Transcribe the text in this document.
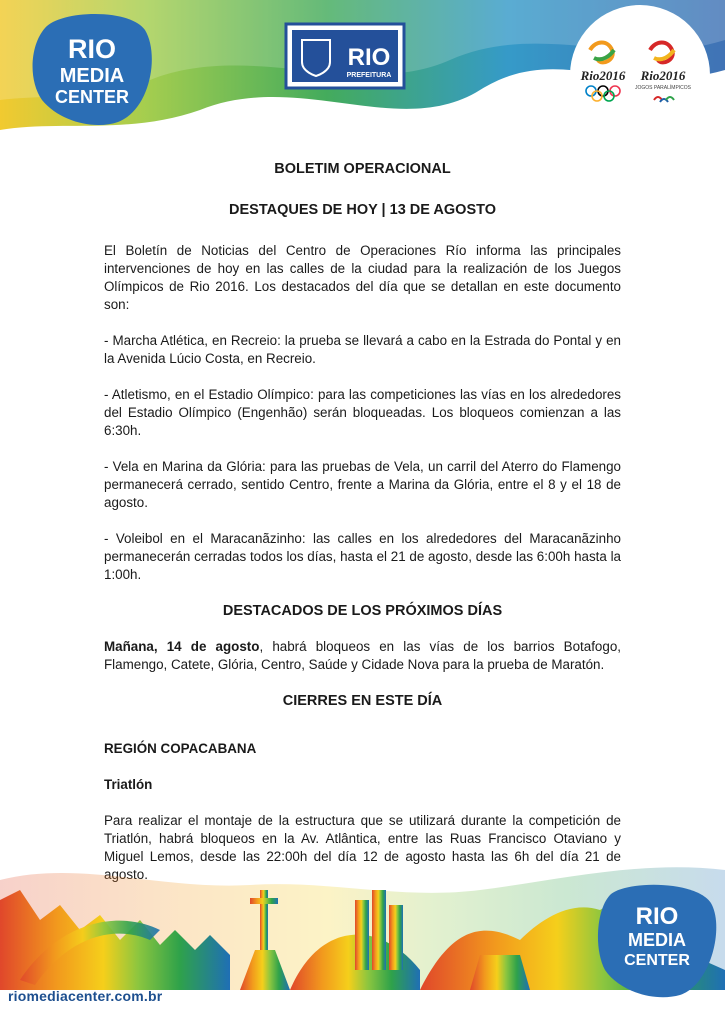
RIO
MEDIA
CENTER
RIO
PREFEITURA	Rio2016 Rio2016
JOGOS PARALÍMPICOS
BOLETIM OPERACIONAL
DESTAQUES DE HOY | 13 DE AGOSTO

El Boletín de Noticias del Centro de Operaciones Río informa las principales intervenciones de hoy en las calles de la ciudad para la realización de los Juegos Olímpicos de Rio 2016. Los destacados del día que se detallan en este documento son:

- Marcha Atlética, en Recreio: la prueba se llevará a cabo en la Estrada do Pontal y en la Avenida Lúcio Costa, en Recreio.

- Atletismo, en el Estadio Olímpico: para las competiciones las vías en los alrededores del Estadio Olímpico (Engenhão) serán bloqueadas. Los bloqueos comienzan a las 6:30h.

- Vela en Marina da Glória: para las pruebas de Vela, un carril del Aterro do Flamengo permanecerá cerrado, sentido Centro, frente a Marina da Glória, entre el 8 y el 18 de agosto.

- Voleibol en el Maracanãzinho: las calles en los alrededores del Maracanãzinho permanecerán cerradas todos los días, hasta el 21 de agosto, desde las 6:00h hasta la 1:00h.

DESTACADOS DE LOS PRÓXIMOS DÍAS

Mañana, 14 de agosto, habrá bloqueos en las vías de los barrios Botafogo, Flamengo, Catete, Glória, Centro, Saúde y Cidade Nova para la prueba de Maratón.

CIERRES EN ESTE DÍA
REGIÓN COPACABANA
Triatlón

Para realizar el montaje de la estructura que se utilizará durante la competición de Triatlón, habrá bloqueos en la Av. Atlântica, entre las Ruas Francisco Otaviano y Miguel Lemos, desde las 22:00h del día 12 de agosto hasta las 6h del día 21 de agosto.

RIO
MEDIA
CENTER
riomediacenter.com.br
